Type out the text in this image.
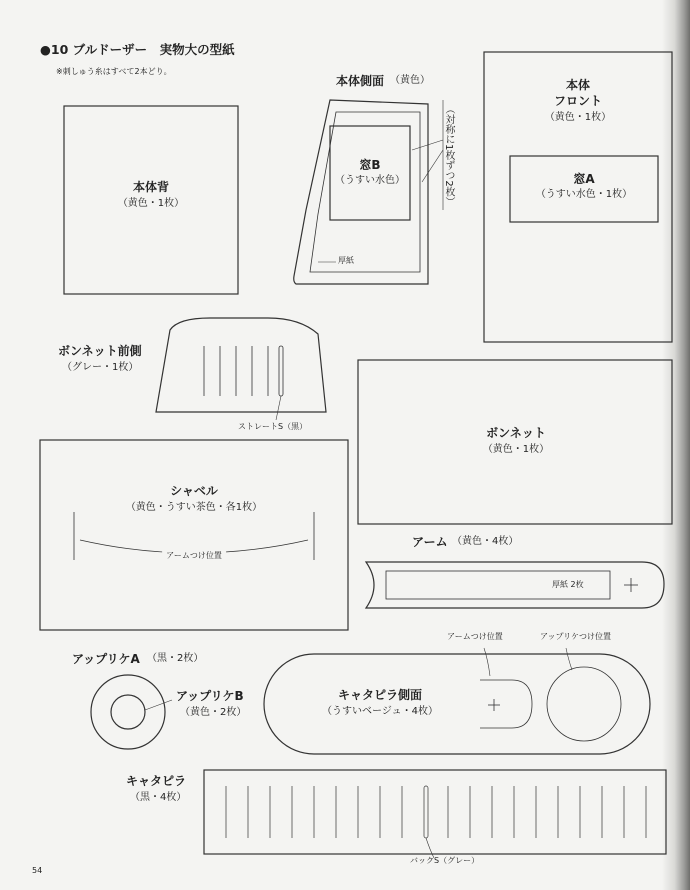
●10 ブルドーザー　実物大の型紙
※刺しゅう糸はすべて2本どり。
本体背
（黄色・1枚）
本体側面 （黄色）
窓B
（うすい水色）	（対称に1枚ずつ2枚）
厚紙
本体
フロント
（黄色・1枚）
窓A
（うすい水色・1枚）
ボンネット前側
（グレー・1枚）
ストレートS（黒）	ボンネット
（黄色・1枚）
シャベル
（黄色・うすい茶色・各1枚）
アームつけ位置
アーム （黄色・4枚）
厚紙 2枚
アームつけ位置	アップリケつけ位置
アップリケA （黒・2枚）
アップリケB
（黄色・2枚）
キャタピラ側面
（うすいベージュ・4枚）
キャタピラ
（黒・4枚）
バックS（グレー）
54
